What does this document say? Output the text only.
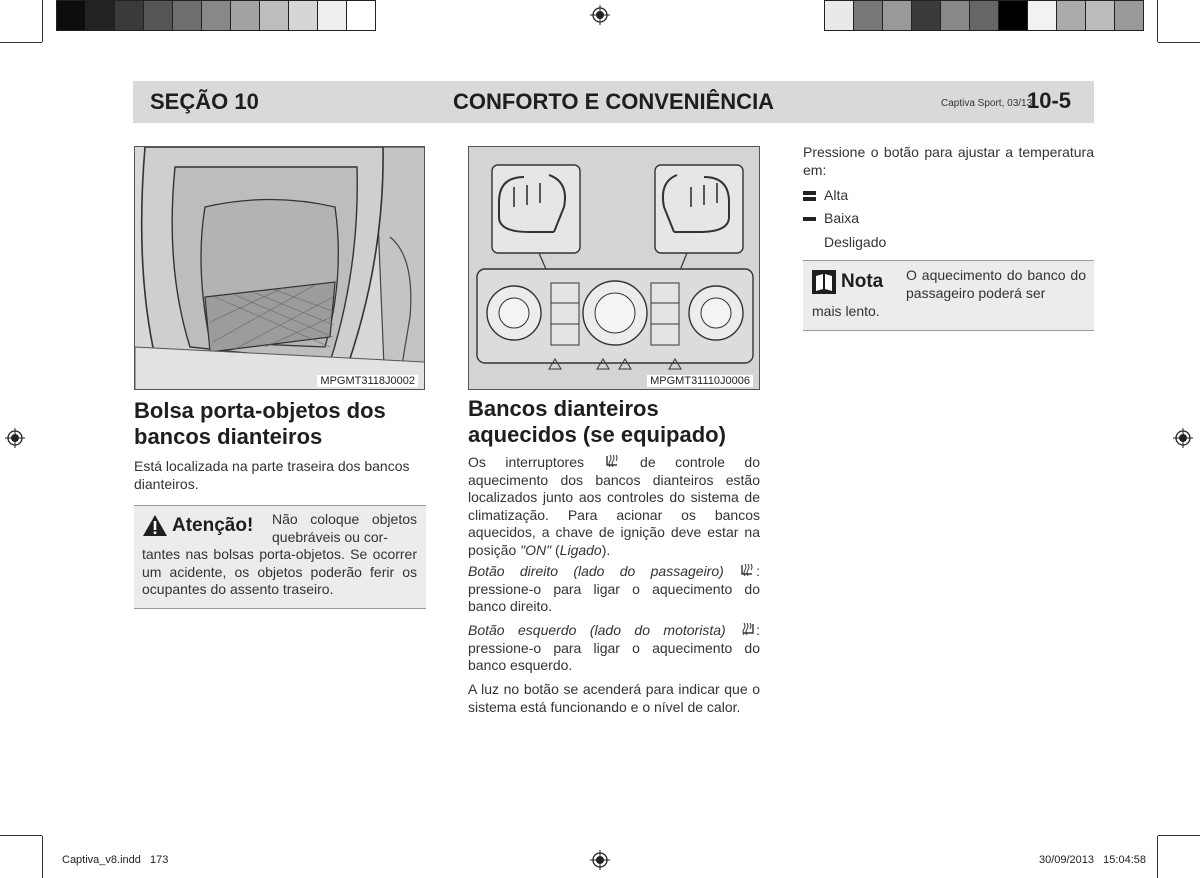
SEÇÃO 10	CONFORTO E CONVENIÊNCIA	Captiva Sport, 03/13
10-5
MPGMT3118J0002
Bolsa porta-objetos dos
bancos dianteiros

Está localizada na parte traseira dos bancos dianteiros.

Atenção! Não coloque objetos quebráveis ou cor-

tantes nas bolsas porta-objetos. Se ocorrer um acidente, os objetos poderão ferir os ocupantes do assento traseiro.

MPGMT31110J0006
Bancos dianteiros
aquecidos (se equipado)

Os interruptores	de controle do aquecimento dos bancos dianteiros estão localizados junto aos controles do sistema de climatização. Para acionar os bancos aquecidos, a chave de ignição deve estar na posição "ON" (Ligado).

Botão direito (lado do passageiro) : pressione-o para ligar o aquecimento do banco direito.

Botão esquerdo (lado do motorista) : pressione-o para ligar o aquecimento do banco esquerdo.

A luz no botão se acenderá para indicar que o sistema está funcionando e o nível de calor.

Pressione o botão para ajustar a temperatura em:

Alta
Baixa
Desligado
Nota O aquecimento do banco do passageiro poderá ser

mais lento.

Captiva_v8.indd   173	30/09/2013   15:04:58
